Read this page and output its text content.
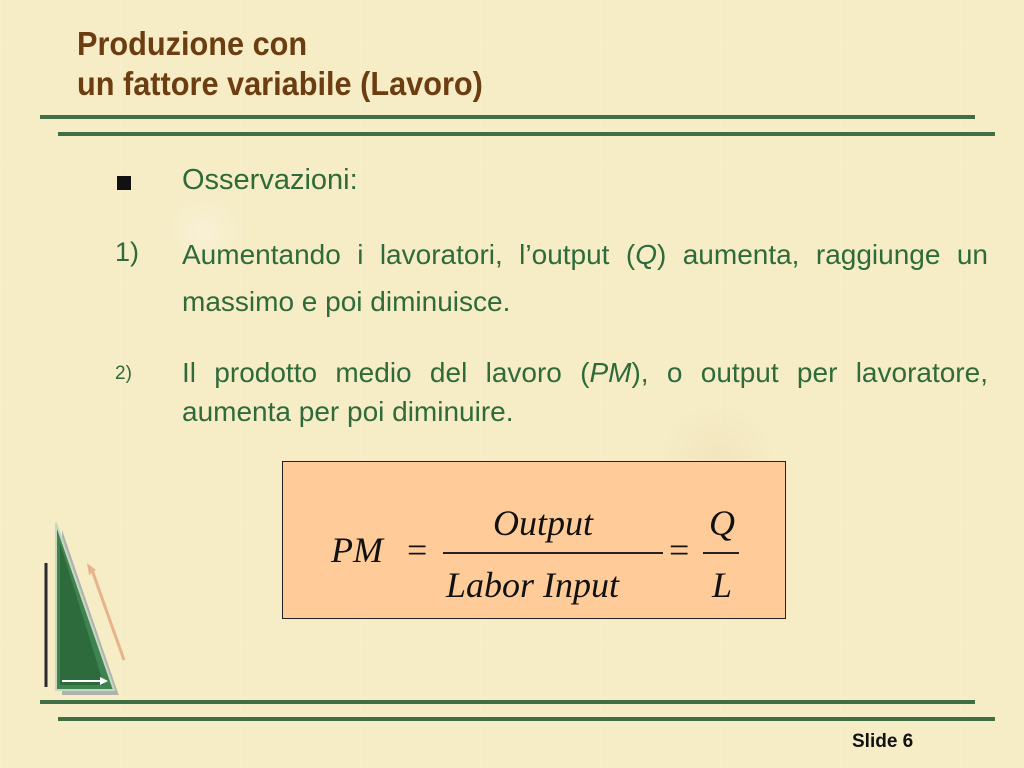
Produzione con
un fattore variabile (Lavoro)
Osservazioni:
1) Aumentando i lavoratori, l’output (Q) aumenta, raggiunge un massimo e poi diminuisce.
2) Il prodotto medio del lavoro (PM), o output per lavoratore, aumenta per poi diminuire.
PM =
Output
Labor Input
=
Q
L
Slide 6
